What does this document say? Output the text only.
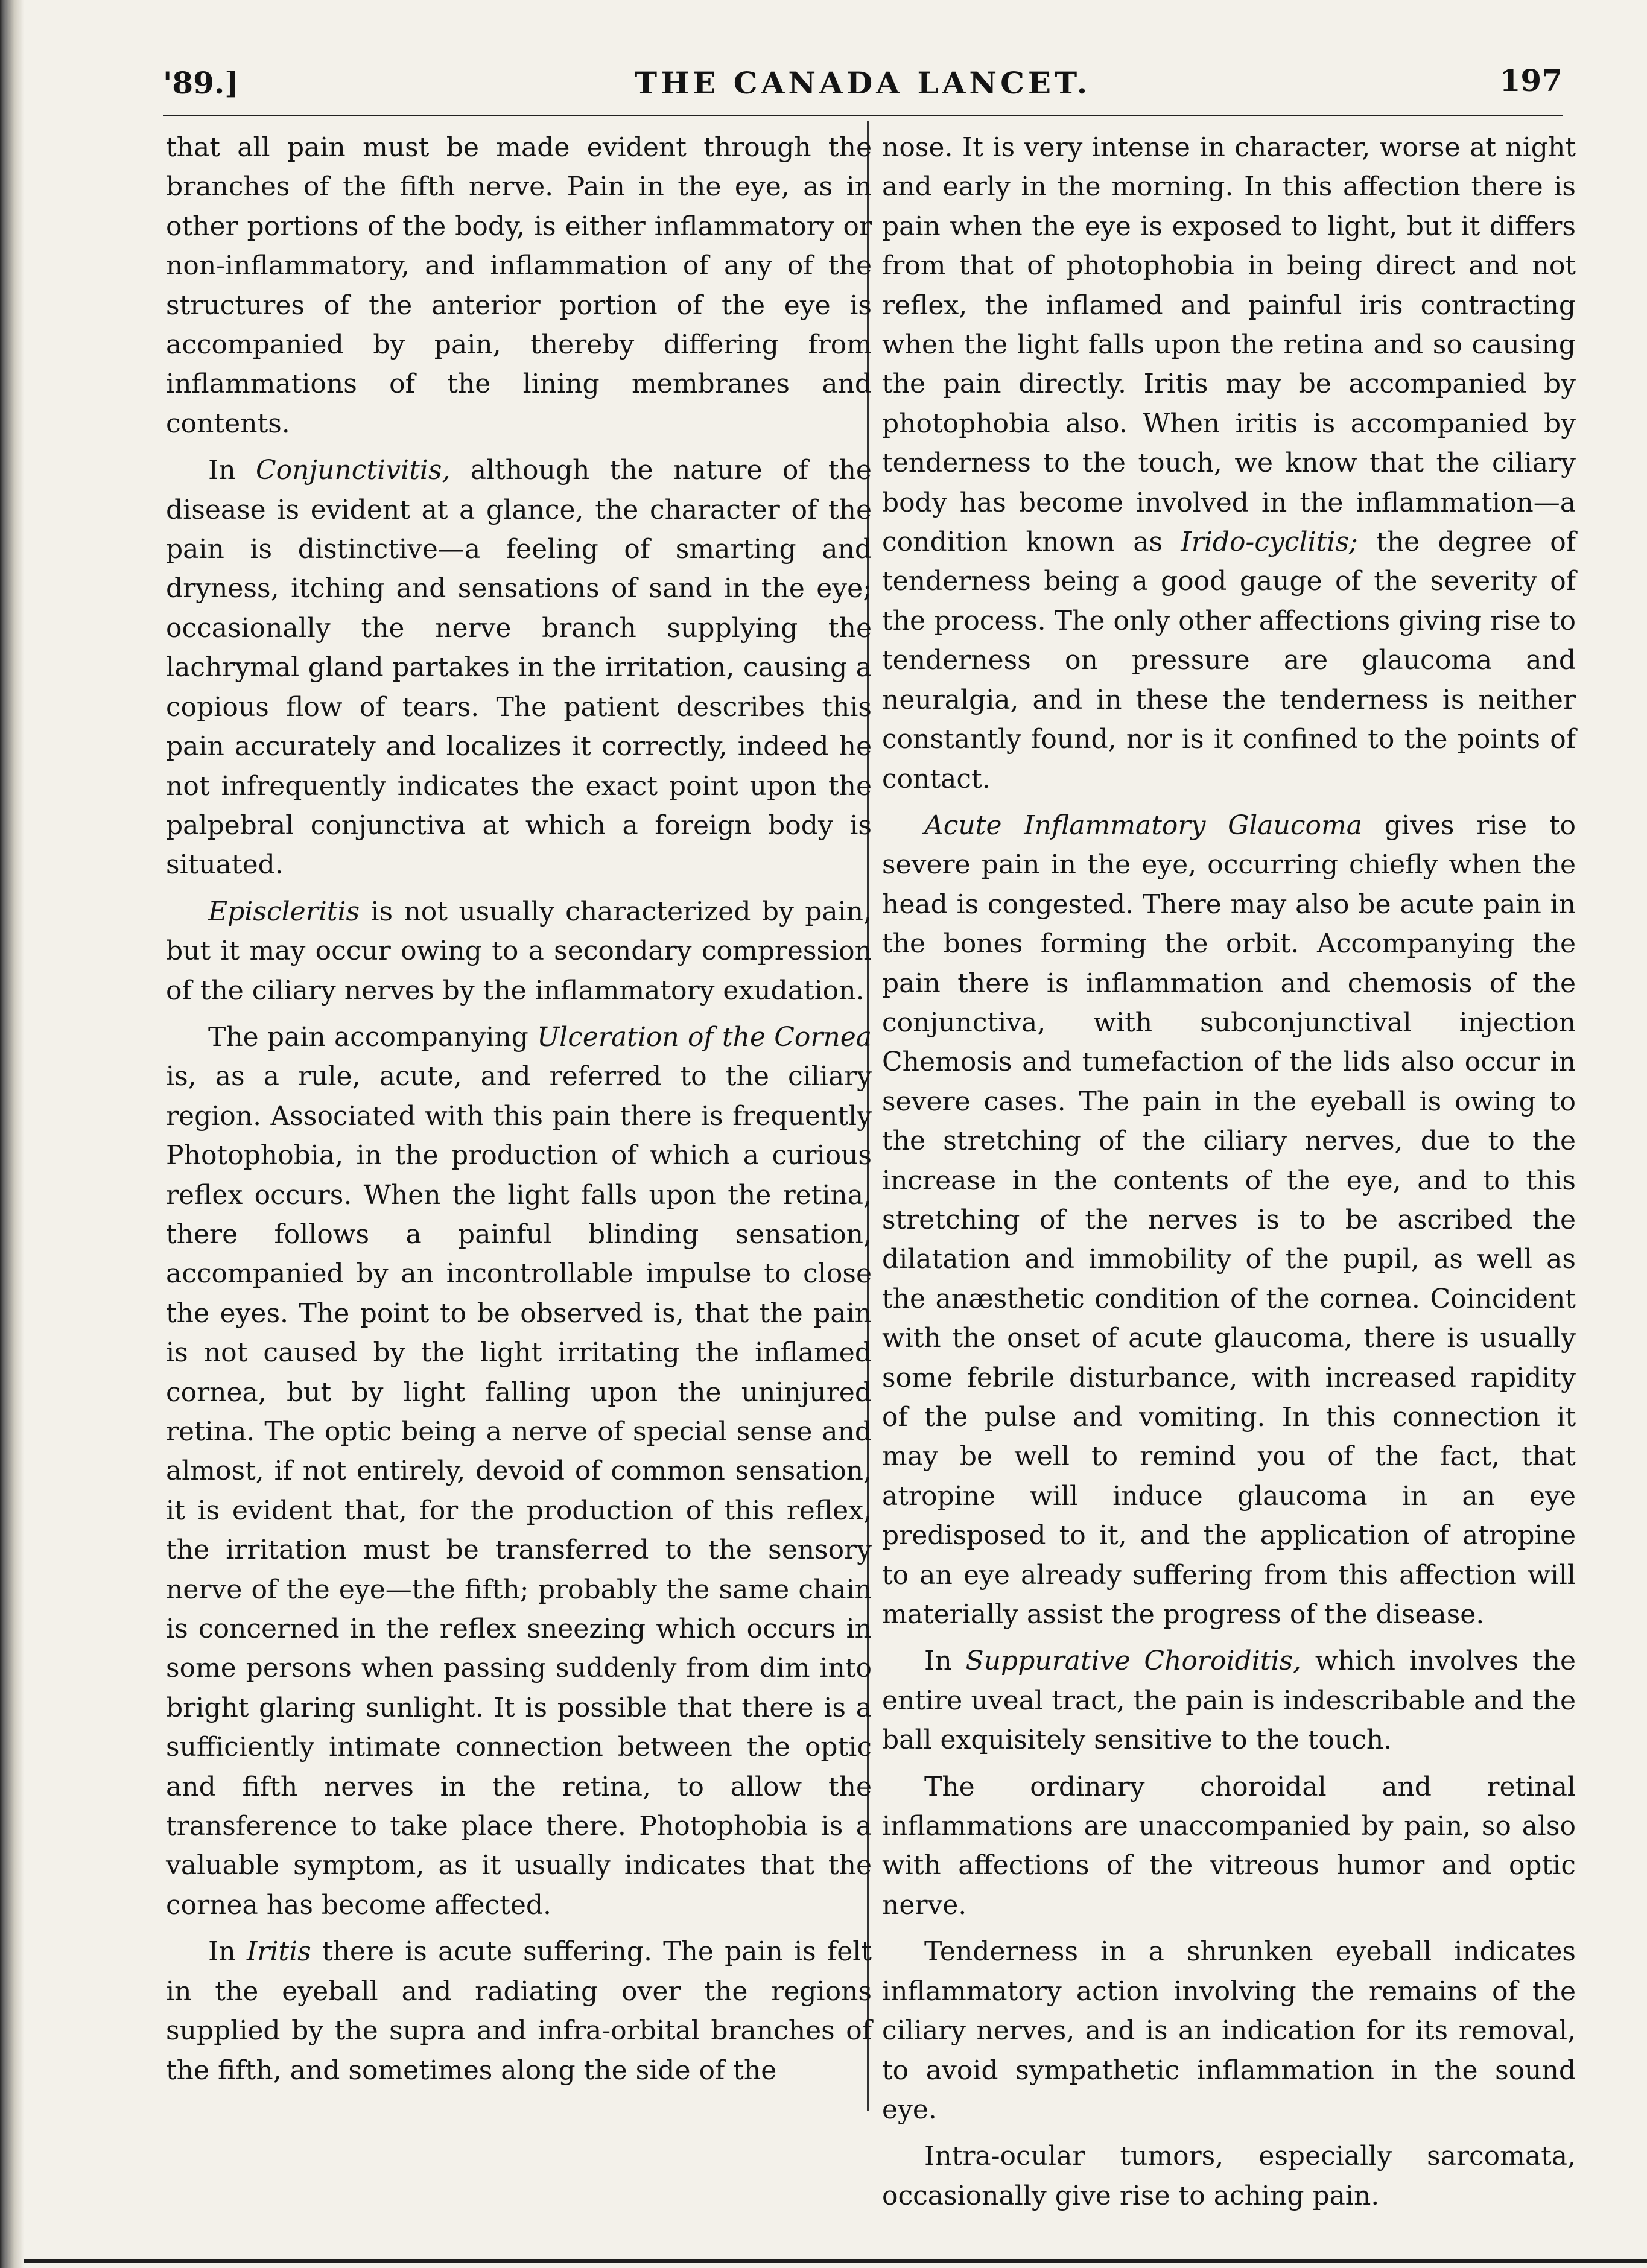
'89.]	THE CANADA LANCET.	197

that all pain must be made evident through the branches of the fifth nerve. Pain in the eye, as in other portions of the body, is either inflammatory or non-inflammatory, and inflammation of any of the structures of the anterior portion of the eye is accompanied by pain, thereby differing from inflammations of the lining membranes and contents.

In Conjunctivitis, although the nature of the disease is evident at a glance, the character of the pain is distinctive—a feeling of smarting and dryness, itching and sensations of sand in the eye; occasionally the nerve branch supplying the lachrymal gland partakes in the irritation, causing a copious flow of tears. The patient describes this pain accurately and localizes it correctly, indeed he not infrequently indicates the exact point upon the palpebral conjunctiva at which a foreign body is situated.

Episcleritis is not usually characterized by pain, but it may occur owing to a secondary compression of the ciliary nerves by the inflammatory exudation.

The pain accompanying Ulceration of the Cornea is, as a rule, acute, and referred to the ciliary region. Associated with this pain there is frequently Photophobia, in the production of which a curious reflex occurs. When the light falls upon the retina, there follows a painful blinding sensation, accompanied by an incontrollable impulse to close the eyes. The point to be observed is, that the pain is not caused by the light irritating the inflamed cornea, but by light falling upon the uninjured retina. The optic being a nerve of special sense and almost, if not entirely, devoid of common sensation, it is evident that, for the production of this reflex, the irritation must be transferred to the sensory nerve of the eye—the fifth; probably the same chain is concerned in the reflex sneezing which occurs in some persons when passing suddenly from dim into bright glaring sunlight. It is possible that there is a sufficiently intimate connection between the optic and fifth nerves in the retina, to allow the transference to take place there. Photophobia is a valuable symptom, as it usually indicates that the cornea has become affected.

In Iritis there is acute suffering. The pain is felt in the eyeball and radiating over the regions supplied by the supra and infra-orbital branches of the fifth, and sometimes along the side of the

nose. It is very intense in character, worse at night and early in the morning. In this affection there is pain when the eye is exposed to light, but it differs from that of photophobia in being direct and not reflex, the inflamed and painful iris contracting when the light falls upon the retina and so causing the pain directly. Iritis may be accompanied by photophobia also. When iritis is accompanied by tenderness to the touch, we know that the ciliary body has become involved in the inflammation—a condition known as Irido-cyclitis; the degree of tenderness being a good gauge of the severity of the process. The only other affections giving rise to tenderness on pressure are glaucoma and neuralgia, and in these the tenderness is neither constantly found, nor is it confined to the points of contact.

Acute Inflammatory Glaucoma gives rise to severe pain in the eye, occurring chiefly when the head is congested. There may also be acute pain in the bones forming the orbit. Accompanying the pain there is inflammation and chemosis of the conjunctiva, with subconjunctival injection Chemosis and tumefaction of the lids also occur in severe cases. The pain in the eyeball is owing to the stretching of the ciliary nerves, due to the increase in the contents of the eye, and to this stretching of the nerves is to be ascribed the dilatation and immobility of the pupil, as well as the anæsthetic condition of the cornea. Coincident with the onset of acute glaucoma, there is usually some febrile disturbance, with increased rapidity of the pulse and vomiting. In this connection it may be well to remind you of the fact, that atropine will induce glaucoma in an eye predisposed to it, and the application of atropine to an eye already suffering from this affection will materially assist the progress of the disease.

In Suppurative Choroiditis, which involves the entire uveal tract, the pain is indescribable and the ball exquisitely sensitive to the touch.

The ordinary choroidal and retinal inflammations are unaccompanied by pain, so also with affections of the vitreous humor and optic nerve.

Tenderness in a shrunken eyeball indicates inflammatory action involving the remains of the ciliary nerves, and is an indication for its removal, to avoid sympathetic inflammation in the sound eye.

Intra-ocular tumors, especially sarcomata, occasionally give rise to aching pain.
